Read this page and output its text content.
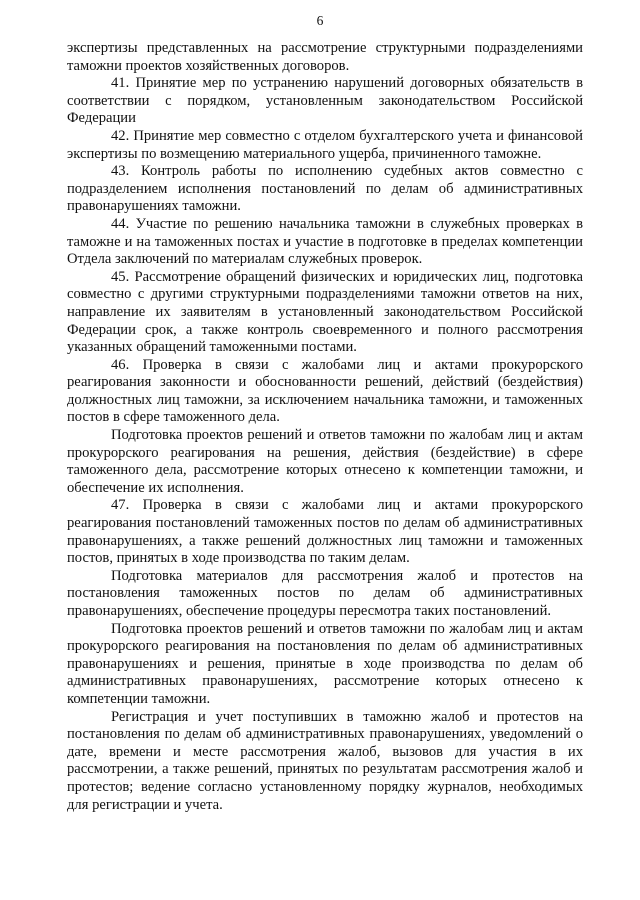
6

экспертизы представленных на рассмотрение структурными подразделениями таможни проектов хозяйственных договоров.

41. Принятие мер по устранению нарушений договорных обязательств в соответствии с порядком, установленным законодательством Российской Федерации

42. Принятие мер совместно с отделом бухгалтерского учета и финансовой экспертизы по возмещению материального ущерба, причиненного таможне.

43. Контроль работы по исполнению судебных актов совместно с подразделением исполнения постановлений по делам об административных правонарушениях таможни.

44. Участие по решению начальника таможни в служебных проверках в таможне и на таможенных постах и участие в подготовке в пределах компетенции Отдела заключений по материалам служебных проверок.

45. Рассмотрение обращений физических и юридических лиц, подготовка совместно с другими структурными подразделениями таможни ответов на них, направление их заявителям в установленный законодательством Российской Федерации срок, а также контроль своевременного и полного рассмотрения указанных обращений таможенными постами.

46. Проверка в связи с жалобами лиц и актами прокурорского реагирования законности и обоснованности решений, действий (бездействия) должностных лиц таможни, за исключением начальника таможни, и таможенных постов в сфере таможенного дела.

Подготовка проектов решений и ответов таможни по жалобам лиц и актам прокурорского реагирования на решения, действия (бездействие) в сфере таможенного дела, рассмотрение которых отнесено к компетенции таможни, и обеспечение их исполнения.

47. Проверка в связи с жалобами лиц и актами прокурорского реагирования постановлений таможенных постов по делам об административных правонарушениях, а также решений должностных лиц таможни и таможенных постов, принятых в ходе производства по таким делам.

Подготовка материалов для рассмотрения жалоб и протестов на постановления таможенных постов по делам об административных правонарушениях, обеспечение процедуры пересмотра таких постановлений.

Подготовка проектов решений и ответов таможни по жалобам лиц и актам прокурорского реагирования на постановления по делам об административных правонарушениях и решения, принятые в ходе производства по делам об административных правонарушениях, рассмотрение которых отнесено к компетенции таможни.

Регистрация и учет поступивших в таможню жалоб и протестов на постановления по делам об административных правонарушениях, уведомлений о дате, времени и месте рассмотрения жалоб, вызовов для участия в их рассмотрении, а также решений, принятых по результатам рассмотрения жалоб и протестов; ведение согласно установленному порядку журналов, необходимых для регистрации и учета.
